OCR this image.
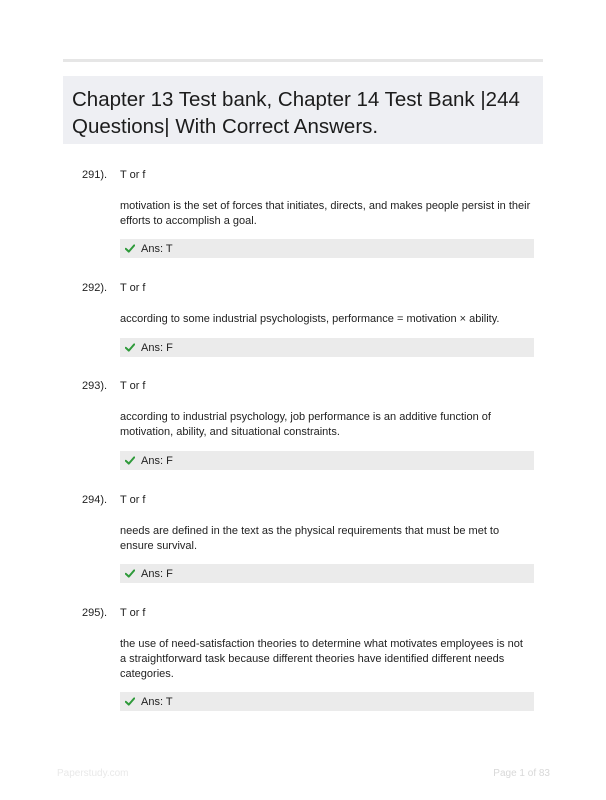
Chapter 13 Test bank, Chapter 14 Test Bank |244 Questions| With Correct Answers.
291). T or f
motivation is the set of forces that initiates, directs, and makes people persist in their efforts to accomplish a goal.
Ans: T
292). T or f
according to some industrial psychologists, performance = motivation × ability.
Ans: F
293). T or f
according to industrial psychology, job performance is an additive function of motivation, ability, and situational constraints.
Ans: F
294). T or f
needs are defined in the text as the physical requirements that must be met to ensure survival.
Ans: F
295). T or f
the use of need-satisfaction theories to determine what motivates employees is not a straightforward task because different theories have identified different needs categories.
Ans: T
Paperstudy.com	Page 1 of 83
